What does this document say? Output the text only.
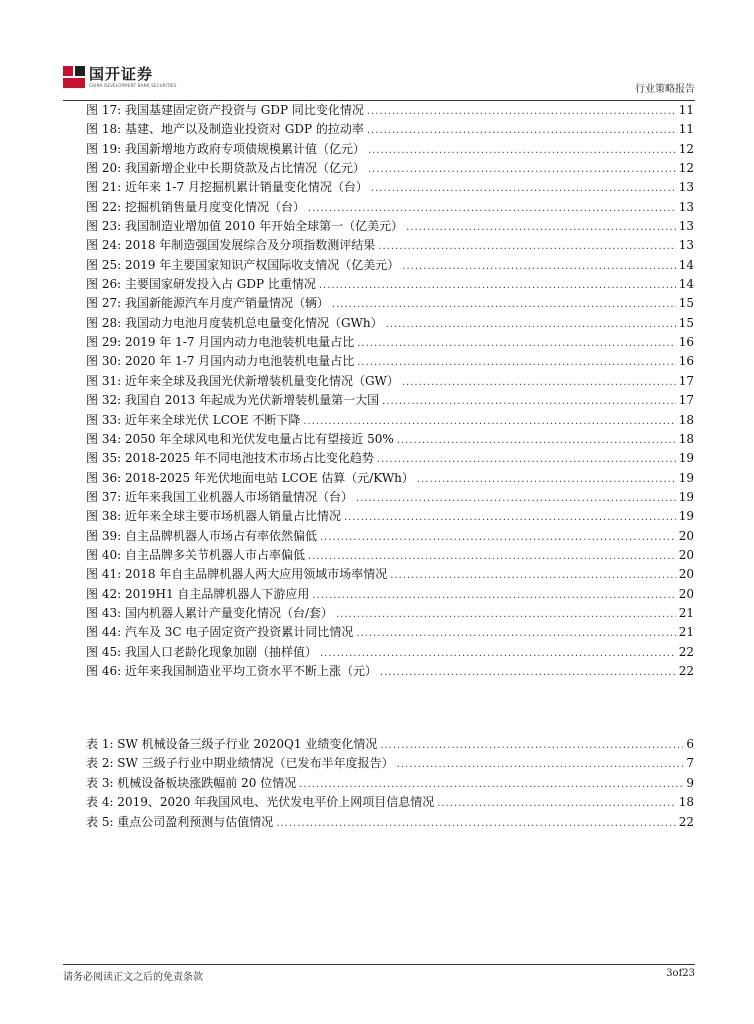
国开证券
CHINA DEVELOPMENT BANK SECURITIES	行业策略报告
图 17: 我国基建固定资产投资与 GDP 同比变化情况 .....	11
图 18: 基建、地产以及制造业投资对 GDP 的拉动率 .....	11
图 19: 我国新增地方政府专项债规模累计值（亿元） .....	12
图 20: 我国新增企业中长期贷款及占比情况（亿元） .....	12
图 21: 近年来 1-7 月挖掘机累计销量变化情况（台） .....	13
图 22: 挖掘机销售量月度变化情况（台） .....	13
图 23: 我国制造业增加值 2010 年开始全球第一（亿美元） .....	13
图 24: 2018 年制造强国发展综合及分项指数测评结果 .....	13
图 25: 2019 年主要国家知识产权国际收支情况（亿美元） .....	14
图 26: 主要国家研发投入占 GDP 比重情况 .....	14
图 27: 我国新能源汽车月度产销量情况（辆） .....	15
图 28: 我国动力电池月度装机总电量变化情况（GWh） .....	15
图 29: 2019 年 1-7 月国内动力电池装机电量占比 .....	16
图 30: 2020 年 1-7 月国内动力电池装机电量占比 .....	16
图 31: 近年来全球及我国光伏新增装机量变化情况（GW） .....	17
图 32: 我国自 2013 年起成为光伏新增装机量第一大国 .....	17
图 33: 近年来全球光伏 LCOE 不断下降 .....	18
图 34: 2050 年全球风电和光伏发电量占比有望接近 50% .....	18
图 35: 2018-2025 年不同电池技术市场占比变化趋势 .....	19
图 36: 2018-2025 年光伏地面电站 LCOE 估算（元/KWh） .....	19
图 37: 近年来我国工业机器人市场销量情况（台） .....	19
图 38: 近年来全球主要市场机器人销量占比情况 .....	19
图 39: 自主品牌机器人市场占有率依然偏低 .....	20
图 40: 自主品牌多关节机器人市占率偏低 .....	20
图 41: 2018 年自主品牌机器人两大应用领域市场率情况 .....	20
图 42: 2019H1 自主品牌机器人下游应用 .....	20
图 43: 国内机器人累计产量变化情况（台/套） .....	21
图 44: 汽车及 3C 电子固定资产投资累计同比情况 .....	21
图 45: 我国人口老龄化现象加剧（抽样值） .....	22
图 46: 近年来我国制造业平均工资水平不断上涨（元） .....	22
表 1: SW 机械设备三级子行业 2020Q1 业绩变化情况 .....	6
表 2: SW 三级子行业中期业绩情况（已发布半年度报告） .....	7
表 3: 机械设备板块涨跌幅前 20 位情况 .....	9
表 4: 2019、2020 年我国风电、光伏发电平价上网项目信息情况 .....	18
表 5: 重点公司盈利预测与估值情况 .....	22
请务必阅读正文之后的免责条款	3of23
